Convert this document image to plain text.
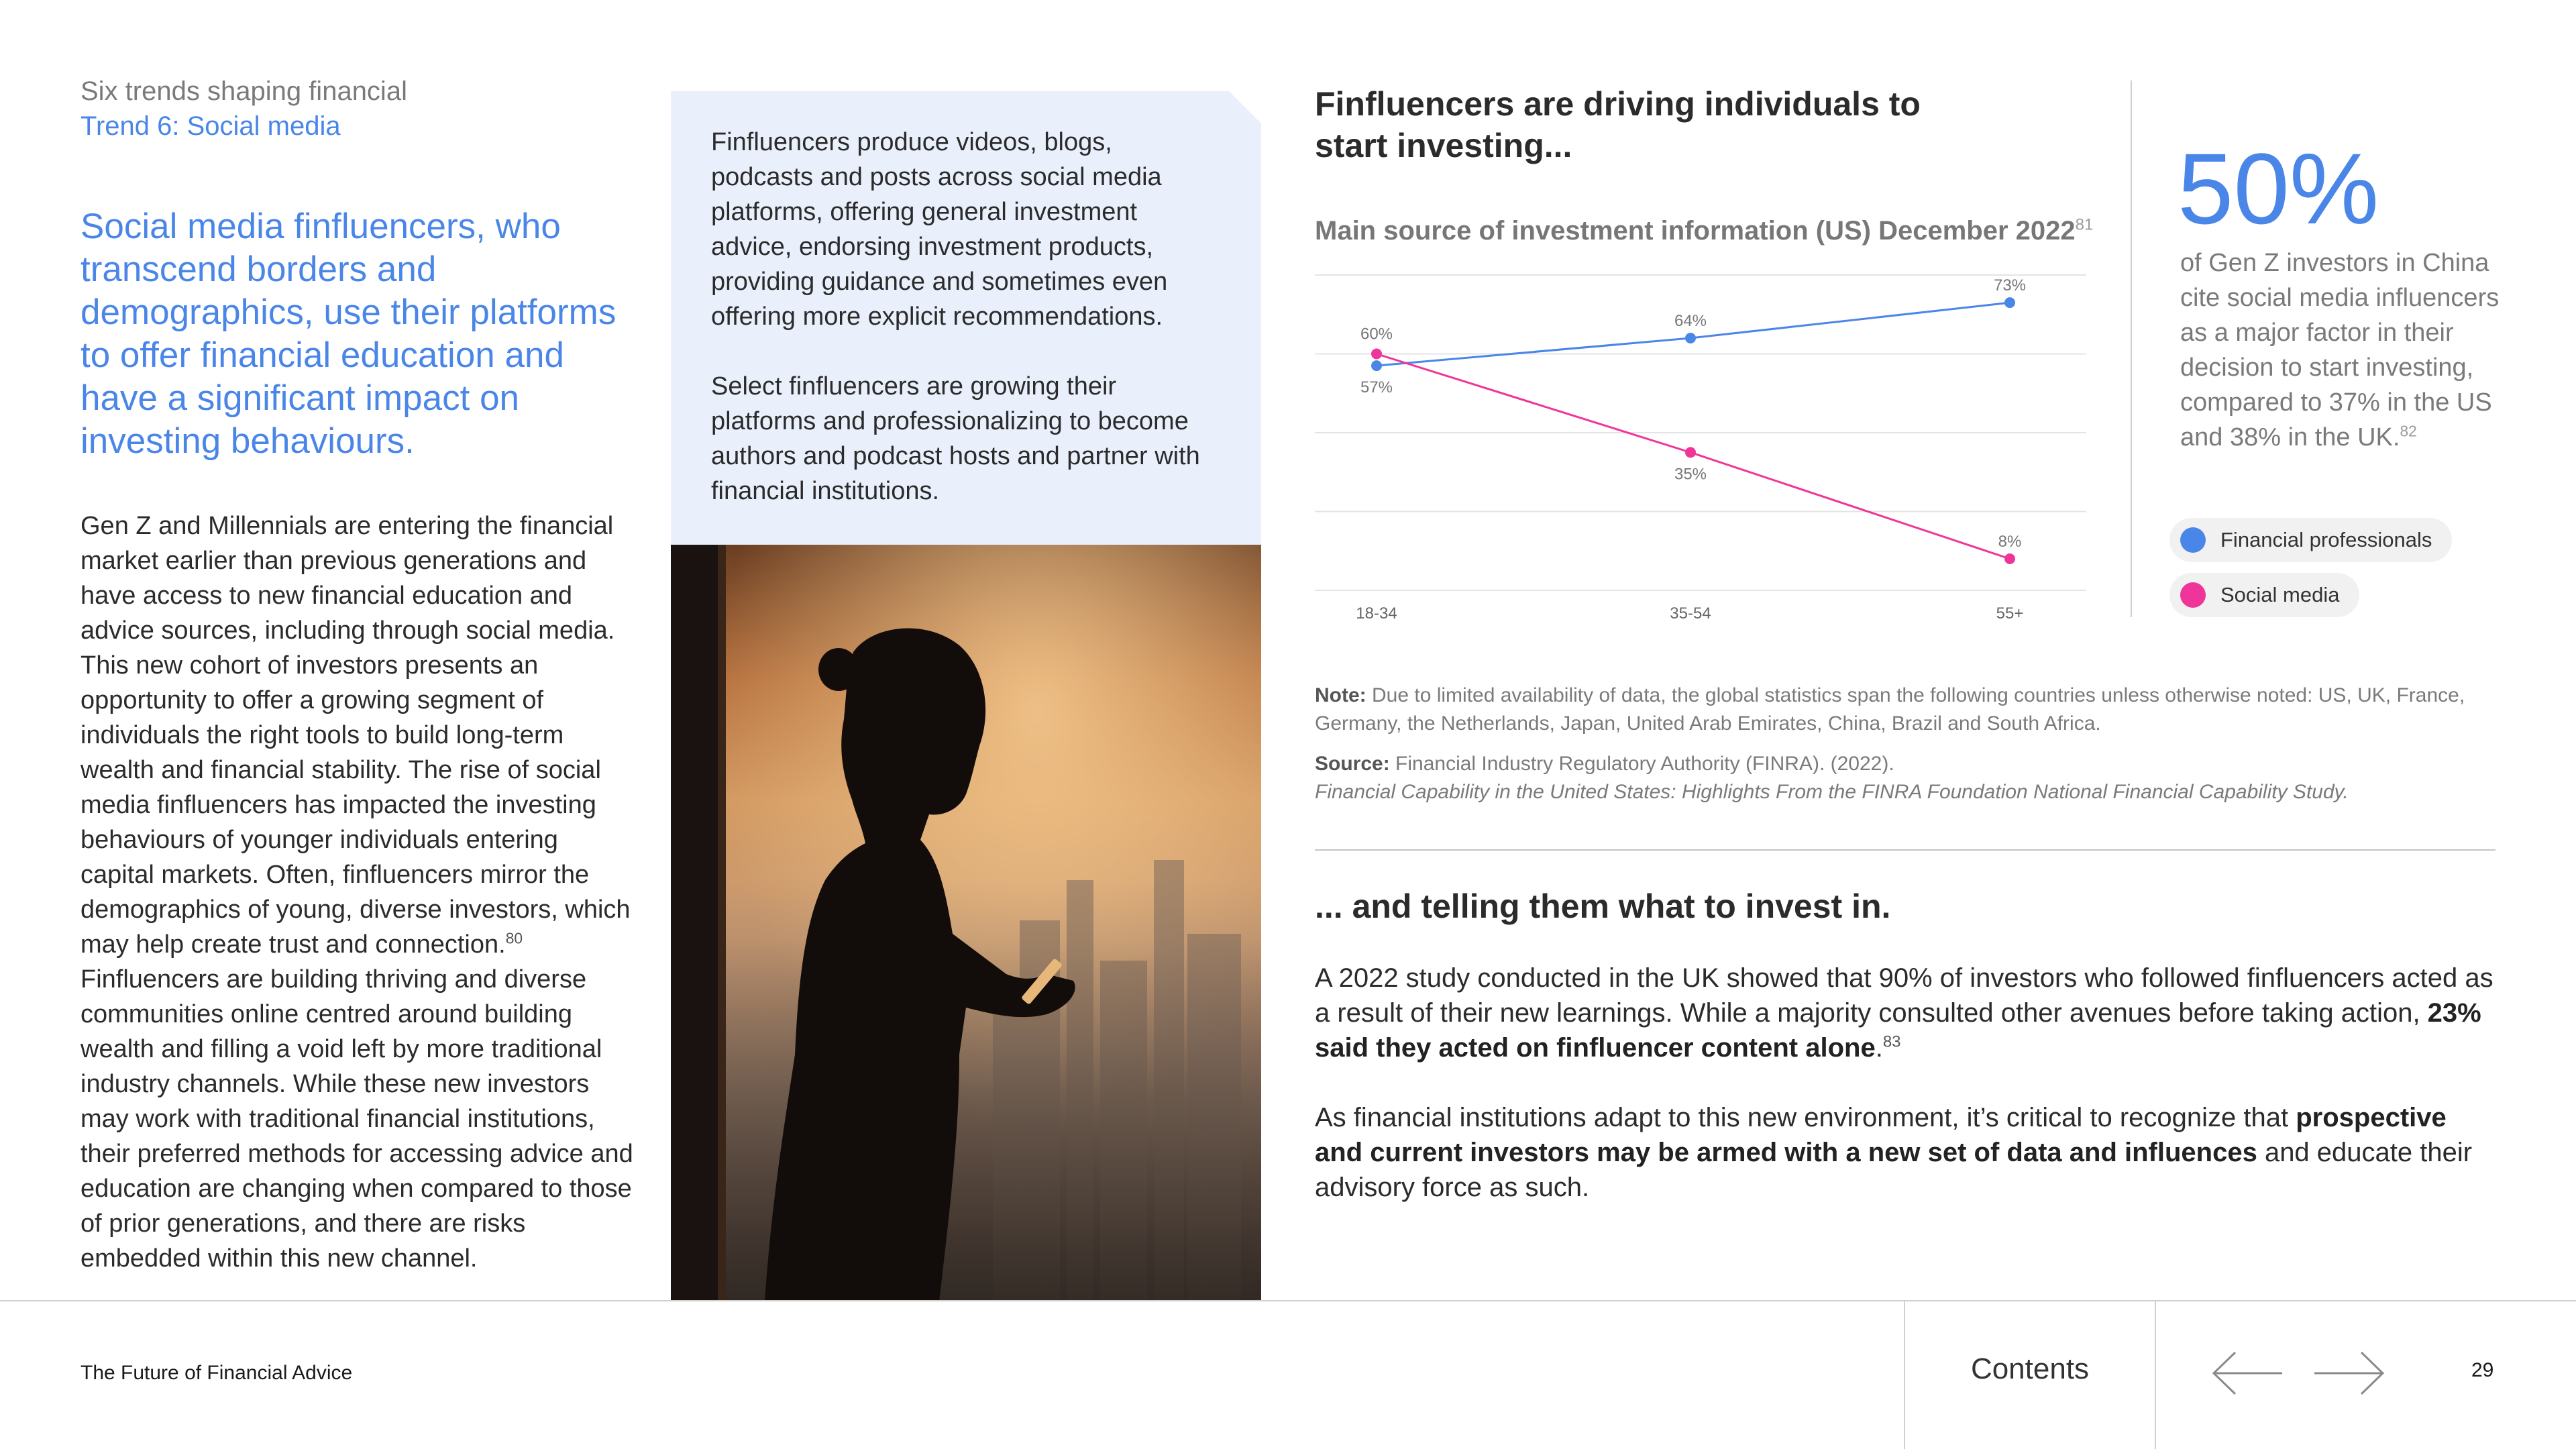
Six trends shaping financial
Trend 6: Social media
Social media finfluencers, who transcend borders and demographics, use their platforms to offer financial education and have a significant impact on investing behaviours.
Gen Z and Millennials are entering the financial market earlier than previous generations and have access to new financial education and advice sources, including through social media. This new cohort of investors presents an opportunity to offer a growing segment of individuals the right tools to build long-term wealth and financial stability. The rise of social media finfluencers has impacted the investing behaviours of younger individuals entering capital markets. Often, finfluencers mirror the demographics of young, diverse investors, which may help create trust and connection.$^{80}$ Finfluencers are building thriving and diverse communities online centred around building wealth and filling a void left by more traditional industry channels. While these new investors may work with traditional financial institutions, their preferred methods for accessing advice and education are changing when compared to those of prior generations, and there are risks embedded within this new channel.

Finfluencers produce videos, blogs, podcasts and posts across social media platforms, offering general investment advice, endorsing investment products, providing guidance and sometimes even offering more explicit recommendations.

Select finfluencers are growing their platforms and professionalizing to become authors and podcast hosts and partner with financial institutions.

Finfluencers are driving individuals to start investing...
Main source of investment information (US) December 2022$^{81}$
57%
64%
73%
60%
35%
8%
18-34	35-54	55+
50%
of Gen Z investors in China cite social media influencers as a major factor in their decision to start investing, compared to 37% in the US and 38% in the UK.$^{82}$
Financial professionals
Social media
Note: Due to limited availability of data, the global statistics span the following countries unless otherwise noted: US, UK, France, Germany, the Netherlands, Japan, United Arab Emirates, China, Brazil and South Africa.
Source: Financial Industry Regulatory Authority (FINRA). (2022).
Financial Capability in the United States: Highlights From the FINRA Foundation National Financial Capability Study.
... and telling them what to invest in.

A 2022 study conducted in the UK showed that 90% of investors who followed finfluencers acted as a result of their new learnings. While a majority consulted other avenues before taking action, 23% said they acted on finfluencer content alone.$^{83}$

As financial institutions adapt to this new environment, it’s critical to recognize that prospective and current investors may be armed with a new set of data and influences and educate their advisory force as such.

The Future of Financial Advice	Contents	29
